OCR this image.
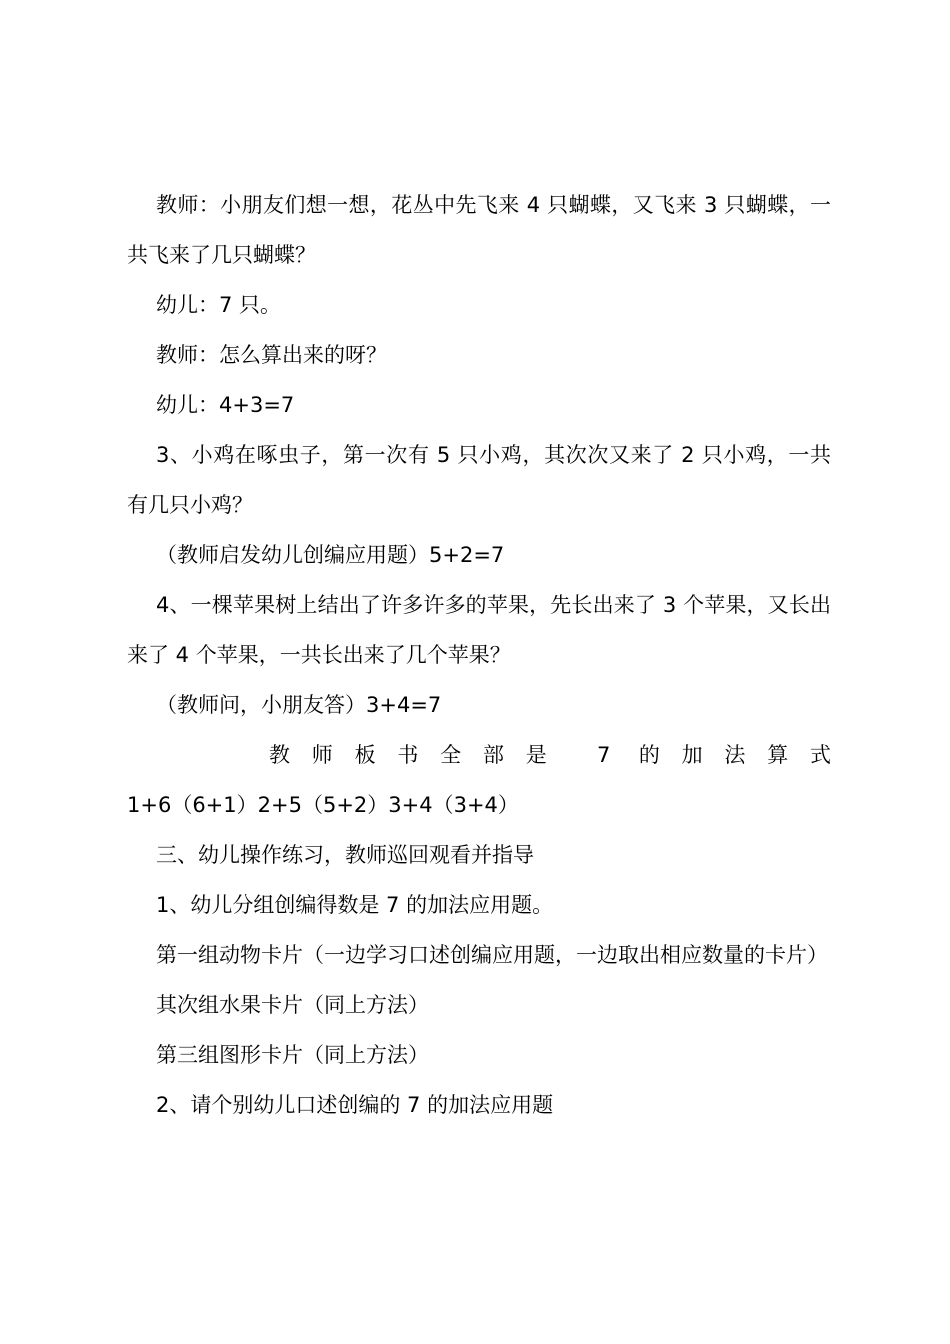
教师：小朋友们想一想，花丛中先飞来 4 只蝴蝶，又飞来 3 只蝴蝶，一共飞来了几只蝴蝶？

幼儿：7 只。

教师：怎么算出来的呀？

幼儿：4+3=7

3、小鸡在啄虫子，第一次有 5 只小鸡，其次次又来了 2 只小鸡，一共有几只小鸡？

（教师启发幼儿创编应用题）5+2=7

4、一棵苹果树上结出了许多许多的苹果，先长出来了 3 个苹果，又长出来了 4 个苹果，一共长出来了几个苹果？

（教师问，小朋友答）3+4=7

教师板书全部是 7 的加法算式

1+6（6+1）2+5（5+2）3+4（3+4）

三、幼儿操作练习，教师巡回观看并指导

1、幼儿分组创编得数是 7 的加法应用题。

第一组动物卡片（一边学习口述创编应用题，一边取出相应数量的卡片）

其次组水果卡片（同上方法）

第三组图形卡片（同上方法）

2、请个别幼儿口述创编的 7 的加法应用题
